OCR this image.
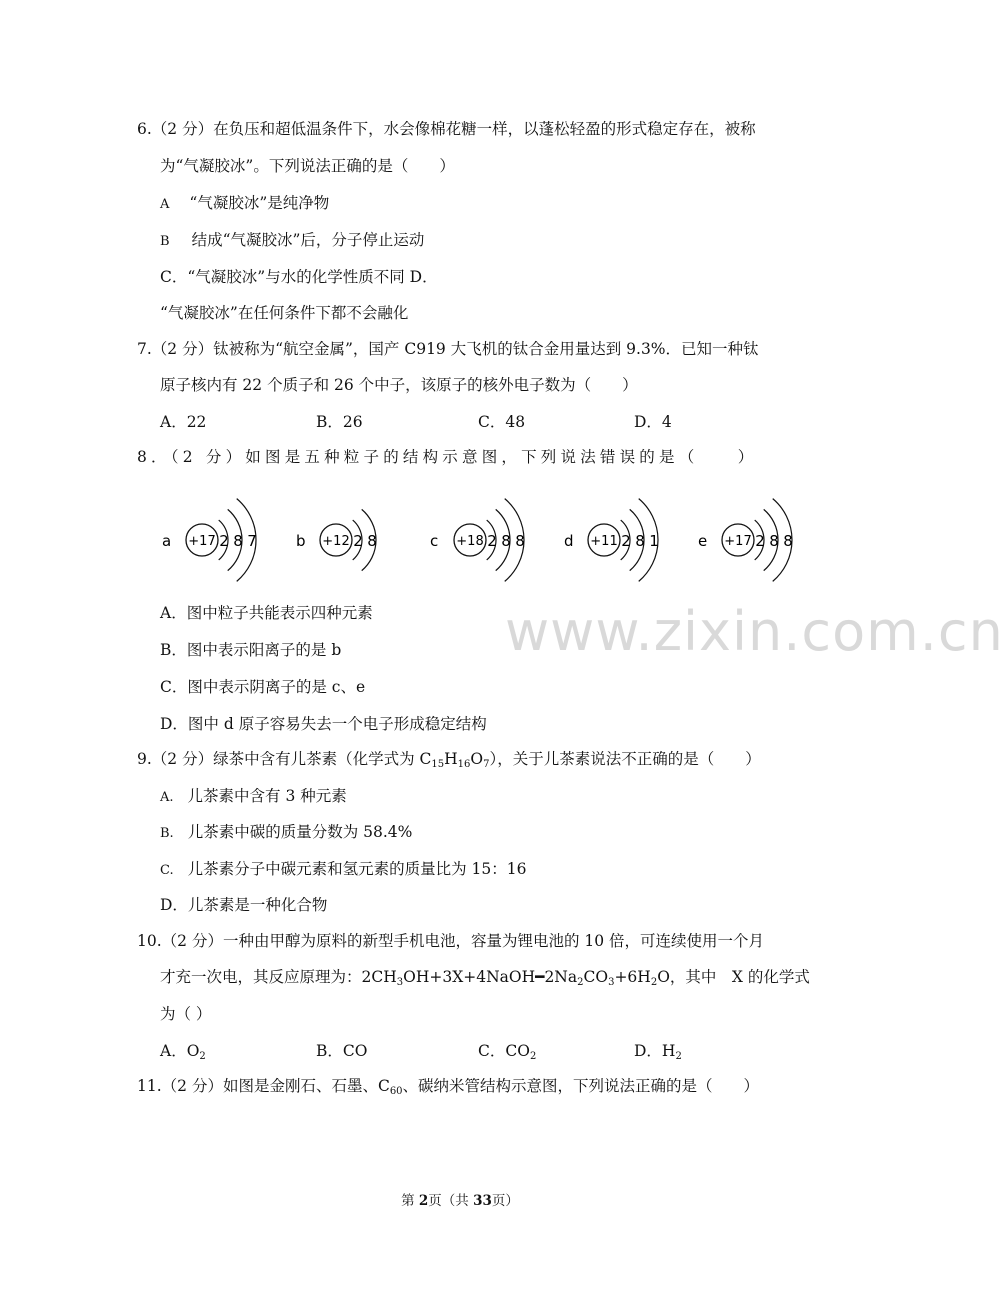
6.（2 分）在负压和超低温条件下，水会像棉花糖一样，以蓬松轻盈的形式稳定存在，被称
为“气凝胶冰”。下列说法正确的是（　　）
A “气凝胶冰”是纯净物
B 结成“气凝胶冰”后，分子停止运动
C．“气凝胶冰”与水的化学性质不同 D．
“气凝胶冰”在任何条件下都不会融化
7.（2 分）钛被称为“航空金属”，国产 C919 大飞机的钛合金用量达到 9.3%．已知一种钛
原子核内有 22 个质子和 26 个中子，该原子的核外电子数为（　　）
A．22	B．26	C．48	D．4
8．（2 分）如图是五种粒子的结构示意图，下列说法错误的是（　　）
a +17 2 8 7	b +12 2 8	c +18 2 8 8	d +11 2 8 1	e +17 2 8 8
A．图中粒子共能表示四种元素
B．图中表示阳离子的是 b
C．图中表示阴离子的是 c、e
D．图中 d 原子容易失去一个电子形成稳定结构
9.（2 分）绿茶中含有儿茶素（化学式为 $C_{15}H_{16}O_7$），关于儿茶素说法不正确的是（　　）
A. 儿茶素中含有 3 种元素
B. 儿茶素中碳的质量分数为 58.4%
C. 儿茶素分子中碳元素和氢元素的质量比为 15：16
D．儿茶素是一种化合物
10.（2 分）一种由甲醇为原料的新型手机电池，容量为锂电池的 10 倍，可连续使用一个月
才充一次电，其反应原理为：$2CH_3OH+3X+4NaOH━2Na_2CO_3+6H_2O$，其中　X 的化学式
为（ ）
A．$O_2$	B．CO	C．$CO_2$	D．$H_2$
11.（2 分）如图是金刚石、石墨、$C_{60}$、碳纳米管结构示意图，下列说法正确的是（　　）
www.zixin.com.cn
第 2页（共 33页）
